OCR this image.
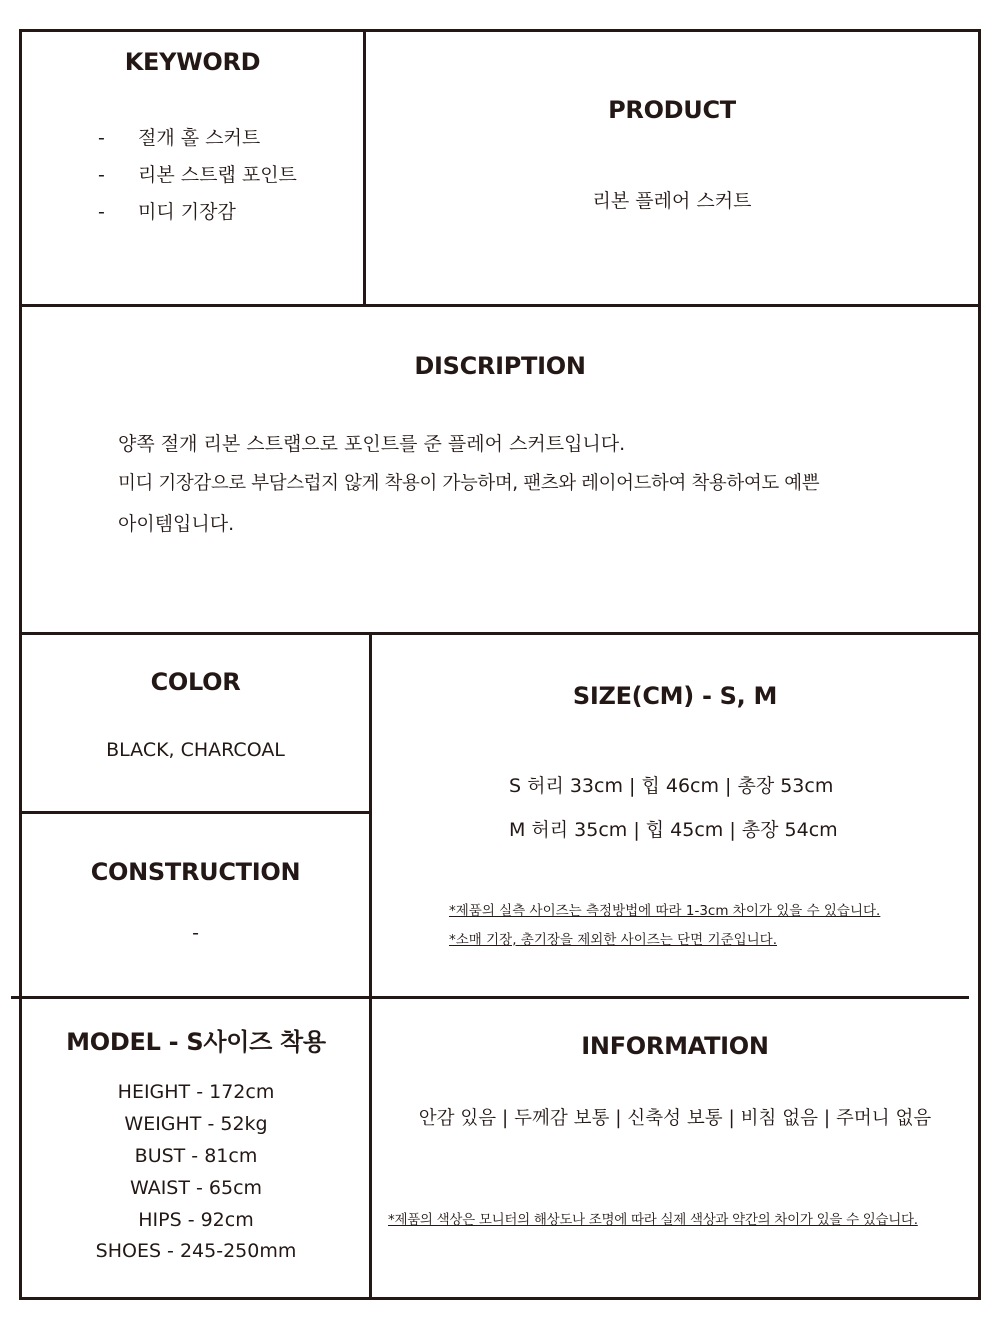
KEYWORD
- 절개 홀 스커트
- 리본 스트랩 포인트
- 미디 기장감
PRODUCT
리본 플레어 스커트
DISCRIPTION
양쪽 절개 리본 스트랩으로 포인트를 준 플레어 스커트입니다.
미디 기장감으로 부담스럽지 않게 착용이 가능하며, 팬츠와 레이어드하여 착용하여도 예쁜
아이템입니다.
COLOR
BLACK, CHARCOAL
CONSTRUCTION
-
SIZE(CM) - S, M
S 허리 33cm | 힙 46cm | 총장 53cm
M 허리 35cm | 힙 45cm | 총장 54cm
*제품의 실측 사이즈는 측정방법에 따라 1-3cm 차이가 있을 수 있습니다.
*소매 기장, 총기장을 제외한 사이즈는 단면 기준입니다.
MODEL - S사이즈 착용
HEIGHT - 172cm
WEIGHT - 52kg
BUST - 81cm
WAIST - 65cm
HIPS - 92cm
SHOES - 245-250mm
INFORMATION
안감 있음 | 두께감 보통 | 신축성 보통 | 비침 없음 | 주머니 없음
*제품의 색상은 모니터의 해상도나 조명에 따라 실제 색상과 약간의 차이가 있을 수 있습니다.
